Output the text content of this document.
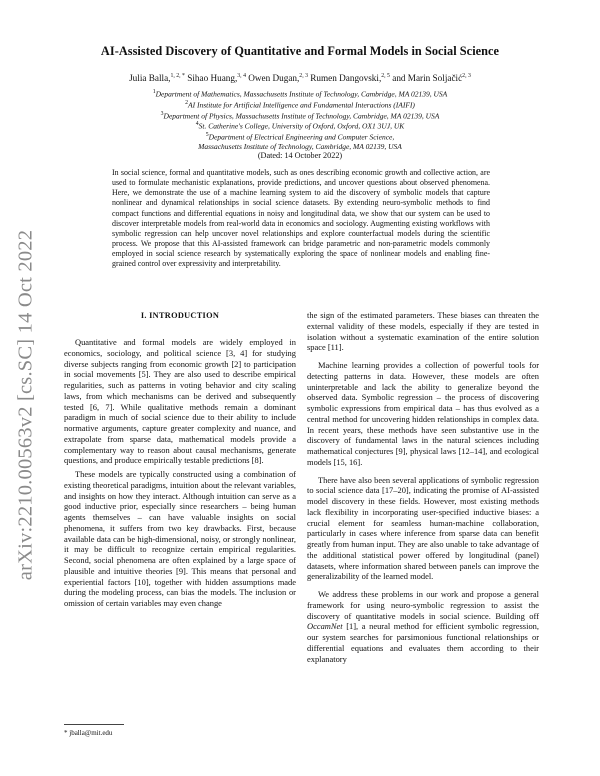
arXiv:2210.00563v2 [cs.SC] 14 Oct 2022
AI-Assisted Discovery of Quantitative and Formal Models in Social Science
Julia Balla,$^{1, 2, *}$ Sihao Huang,$^{3, 4}$ Owen Dugan,$^{2, 3}$ Rumen Dangovski,$^{2, 5}$ and Marin Soljačić$^{2, 3}$
$^1$Department of Mathematics, Massachusetts Institute of Technology, Cambridge, MA 02139, USA
$^2$AI Institute for Artificial Intelligence and Fundamental Interactions (IAIFI)
$^3$Department of Physics, Massachusetts Institute of Technology, Cambridge, MA 02139, USA
$^4$St. Catherine's College, University of Oxford, Oxford, OX1 3UJ, UK
$^5$Department of Electrical Engineering and Computer Science,
Massachusetts Institute of Technology, Cambridge, MA 02139, USA
(Dated: 14 October 2022)
In social science, formal and quantitative models, such as ones describing economic growth and collective action, are used to formulate mechanistic explanations, provide predictions, and uncover questions about observed phenomena. Here, we demonstrate the use of a machine learning system to aid the discovery of symbolic models that capture nonlinear and dynamical relationships in social science datasets. By extending neuro-symbolic methods to find compact functions and differential equations in noisy and longitudinal data, we show that our system can be used to discover interpretable models from real-world data in economics and sociology. Augmenting existing workflows with symbolic regression can help uncover novel relationships and explore counterfactual models during the scientific process. We propose that this AI-assisted framework can bridge parametric and non-parametric models commonly employed in social science research by systematically exploring the space of nonlinear models and enabling fine-grained control over expressivity and interpretability.
I. INTRODUCTION

Quantitative and formal models are widely employed in economics, sociology, and political science [3, 4] for studying diverse subjects ranging from economic growth [2] to participation in social movements [5]. They are also used to describe empirical regularities, such as patterns in voting behavior and city scaling laws, from which mechanisms can be derived and subsequently tested [6, 7]. While qualitative methods remain a dominant paradigm in much of social science due to their ability to include normative arguments, capture greater complexity and nuance, and extrapolate from sparse data, mathematical models provide a complementary way to reason about causal mechanisms, generate questions, and produce empirically testable predictions [8].

These models are typically constructed using a combination of existing theoretical paradigms, intuition about the relevant variables, and insights on how they interact. Although intuition can serve as a good inductive prior, especially since researchers – being human agents themselves – can have valuable insights on social phenomena, it suffers from two key drawbacks. First, because available data can be high-dimensional, noisy, or strongly nonlinear, it may be difficult to recognize certain empirical regularities. Second, social phenomena are often explained by a large space of plausible and intuitive theories [9]. This means that personal and experiential factors [10], together with hidden assumptions made during the modeling process, can bias the models. The inclusion or omission of certain variables may even change

the sign of the estimated parameters. These biases can threaten the external validity of these models, especially if they are tested in isolation without a systematic examination of the entire solution space [11].

Machine learning provides a collection of powerful tools for detecting patterns in data. However, these models are often uninterpretable and lack the ability to generalize beyond the observed data. Symbolic regression – the process of discovering symbolic expressions from empirical data – has thus evolved as a central method for uncovering hidden relationships in complex data. In recent years, these methods have seen substantive use in the discovery of fundamental laws in the natural sciences including mathematical conjectures [9], physical laws [12–14], and ecological models [15, 16].

There have also been several applications of symbolic regression to social science data [17–20], indicating the promise of AI-assisted model discovery in these fields. However, most existing methods lack flexibility in incorporating user-specified inductive biases: a crucial element for seamless human-machine collaboration, particularly in cases where inference from sparse data can benefit greatly from human input. They are also unable to take advantage of the additional statistical power offered by longitudinal (panel) datasets, where information shared between panels can improve the generalizability of the learned model.

We address these problems in our work and propose a general framework for using neuro-symbolic regression to assist the discovery of quantitative models in social science. Building off OccamNet [1], a neural method for efficient symbolic regression, our system searches for parsimonious functional relationships or differential equations and evaluates them according to their explanatory

* jballa@mit.edu
